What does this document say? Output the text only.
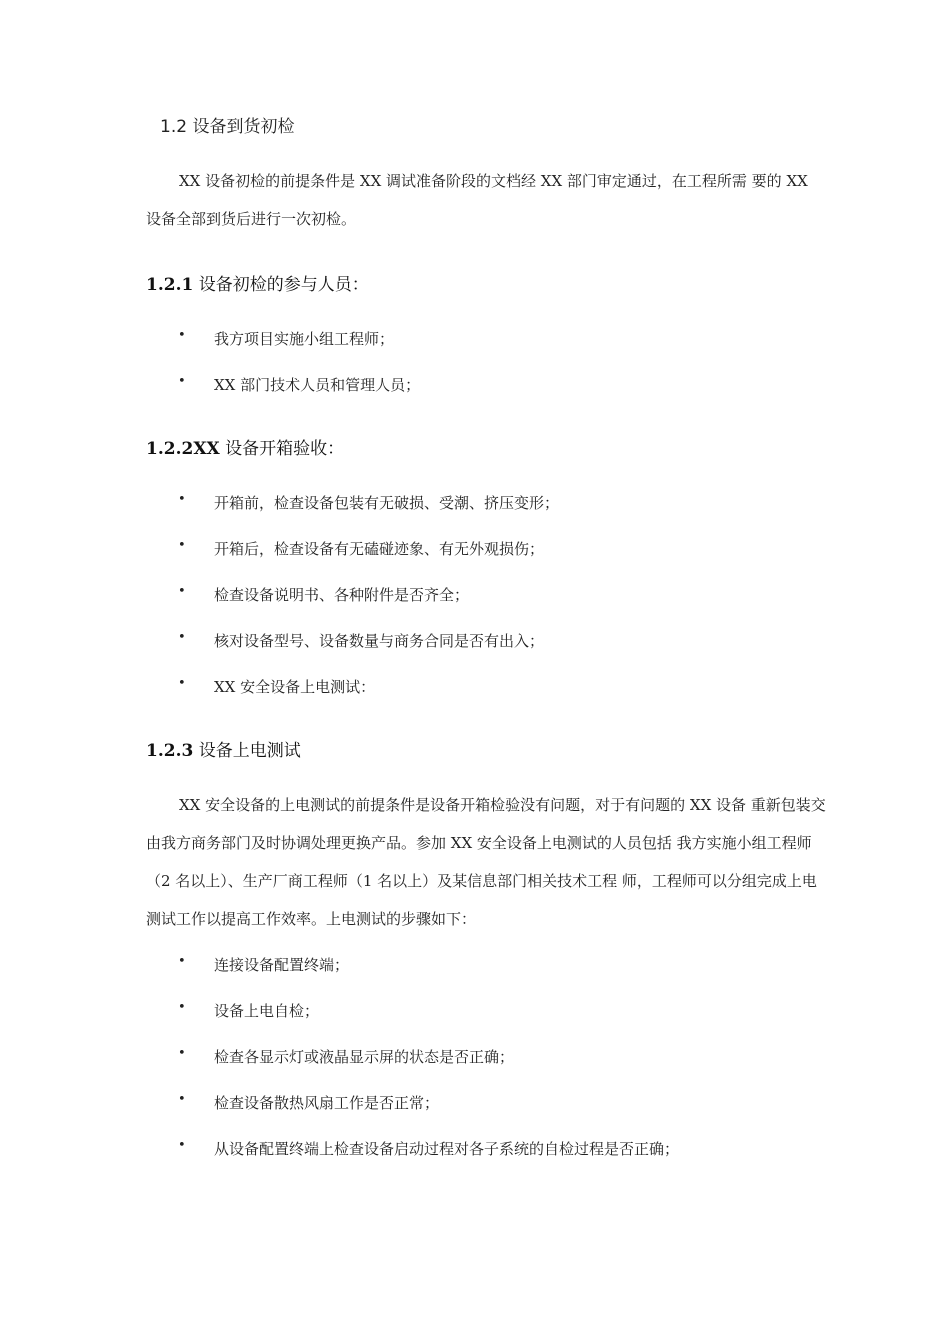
1.2 设备到货初检

XX 设备初检的前提条件是 XX 调试准备阶段的文档经 XX 部门审定通过，在工程所需 要的 XX 设备全部到货后进行一次初检。

1.2.1 设备初检的参与人员：
• 我方项目实施小组工程师；
• XX 部门技术人员和管理人员；
1.2.2XX 设备开箱验收：
• 开箱前，检查设备包装有无破损、受潮、挤压变形；
• 开箱后，检查设备有无磕碰迹象、有无外观损伤；
• 检查设备说明书、各种附件是否齐全；
• 核对设备型号、设备数量与商务合同是否有出入；
• XX 安全设备上电测试：
1.2.3 设备上电测试

XX 安全设备的上电测试的前提条件是设备开箱检验没有问题，对于有问题的 XX 设备 重新包装交由我方商务部门及时协调处理更换产品。参加 XX 安全设备上电测试的人员包括 我方实施小组工程师（2 名以上）、生产厂商工程师（1 名以上）及某信息部门相关技术工程 师，工程师可以分组完成上电测试工作以提高工作效率。上电测试的步骤如下：

• 连接设备配置终端；
• 设备上电自检；
• 检查各显示灯或液晶显示屏的状态是否正确；
• 检查设备散热风扇工作是否正常；
• 从设备配置终端上检查设备启动过程对各子系统的自检过程是否正确；
